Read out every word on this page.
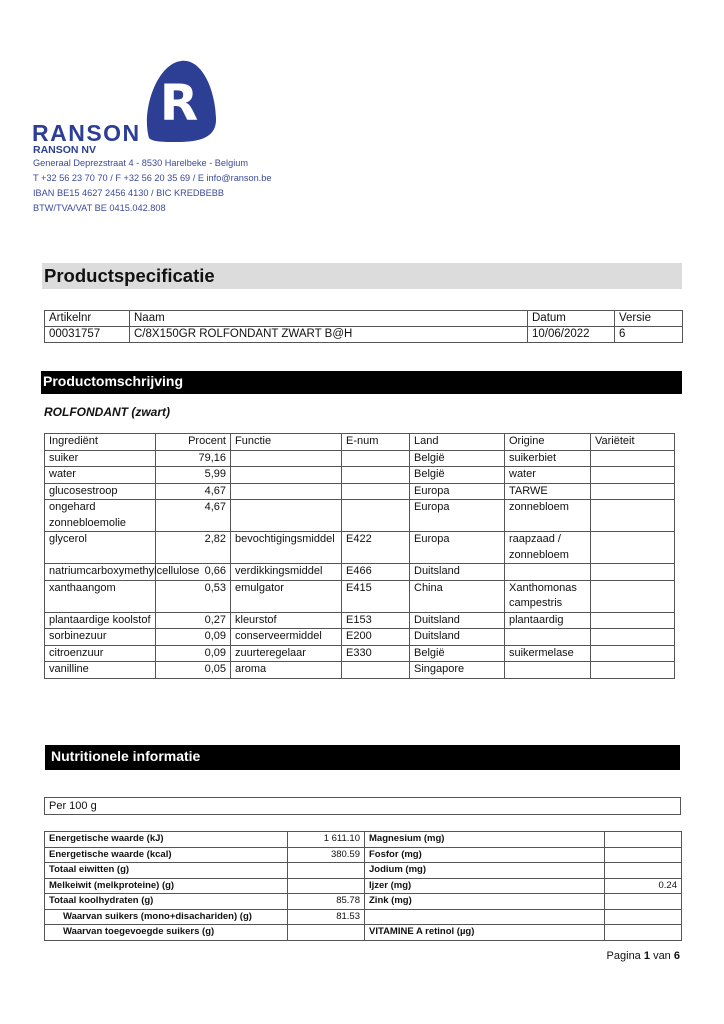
R
RANSON
RANSON NV
Generaal Deprezstraat 4 - 8530 Harelbeke - Belgium
T +32 56 23 70 70 / F +32 56 20 35 69 / E info@ranson.be
IBAN BE15 4627 2456 4130 / BIC KREDBEBB
BTW/TVA/VAT BE 0415.042.808
Productspecificatie
Artikelnr	Naam	Datum	Versie
00031757	C/8X150GR ROLFONDANT ZWART B@H	10/06/2022	6
Productomschrijving
ROLFONDANT (zwart)
Ingrediënt	Procent	Functie	E-num	Land	Origine	Variëteit
suiker	79,16			België	suikerbiet	
water	5,99			België	water	
glucosestroop	4,67			Europa	TARWE	
ongehard zonnebloemolie	4,67			Europa	zonnebloem	
glycerol	2,82	bevochtigingsmiddel	E422	Europa	raapzaad / zonnebloem	
natriumcarboxymethylcellulose	0,66	verdikkingsmiddel	E466	Duitsland		
xanthaangom	0,53	emulgator	E415	China	Xanthomonas campestris	
plantaardige koolstof	0,27	kleurstof	E153	Duitsland	plantaardig	
sorbinezuur	0,09	conserveermiddel	E200	Duitsland		
citroenzuur	0,09	zuurteregelaar	E330	België	suikermelase	
vanilline	0,05	aroma		Singapore		
Nutritionele informatie
Per 100 g
Energetische waarde (kJ)	1 611.10	Magnesium (mg)	
Energetische waarde (kcal)	380.59	Fosfor (mg)	
Totaal eiwitten (g)		Jodium (mg)	
Melkeiwit (melkproteine) (g)		Ijzer (mg)	0.24
Totaal koolhydraten (g)	85.78	Zink (mg)	
Waarvan suikers (mono+disachariden) (g)	81.53		
Waarvan toegevoegde suikers (g)		VITAMINE A retinol (µg)	
Pagina 1 van 6
